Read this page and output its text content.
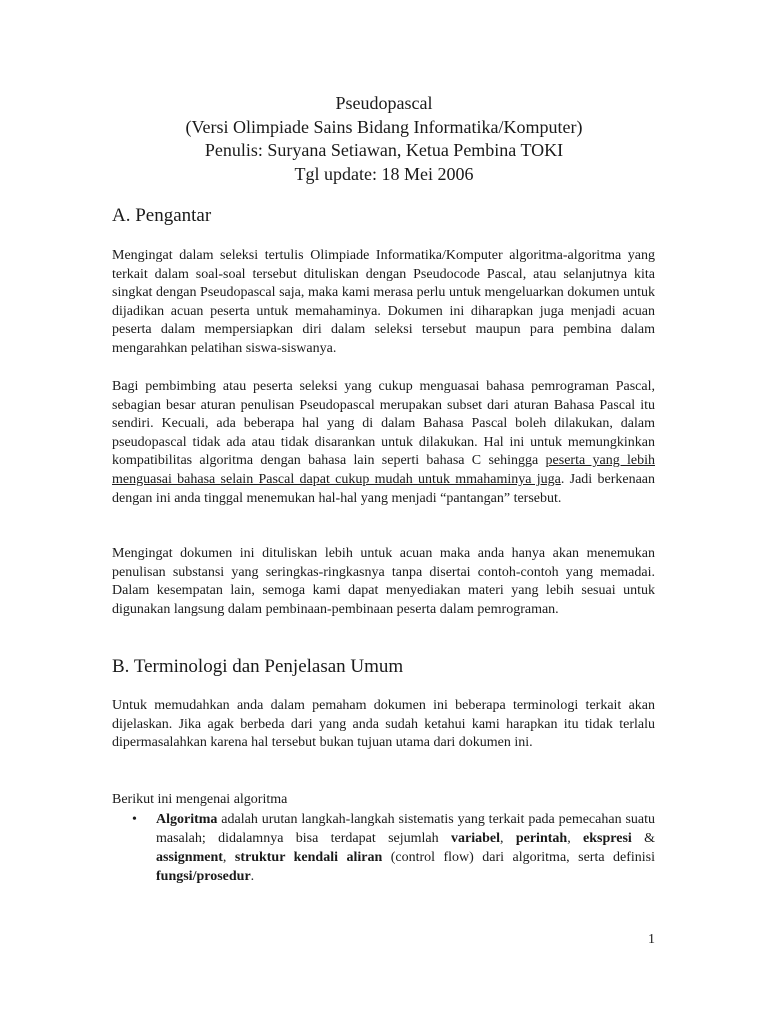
Pseudopascal
(Versi Olimpiade Sains Bidang Informatika/Komputer)
Penulis: Suryana Setiawan, Ketua Pembina TOKI
Tgl update: 18 Mei 2006
A. Pengantar
Mengingat dalam seleksi tertulis Olimpiade Informatika/Komputer algoritma-algoritma yang terkait dalam soal-soal tersebut dituliskan dengan Pseudocode Pascal, atau selanjutnya kita singkat dengan Pseudopascal saja, maka kami merasa perlu untuk mengeluarkan dokumen untuk dijadikan acuan peserta untuk memahaminya. Dokumen ini diharapkan juga menjadi acuan peserta dalam mempersiapkan diri dalam seleksi tersebut maupun para pembina dalam mengarahkan pelatihan siswa-siswanya.
Bagi pembimbing atau peserta seleksi yang cukup menguasai bahasa pemrograman Pascal, sebagian besar aturan penulisan Pseudopascal merupakan subset dari aturan Bahasa Pascal itu sendiri. Kecuali, ada beberapa hal yang di dalam Bahasa Pascal boleh dilakukan, dalam pseudopascal tidak ada atau tidak disarankan untuk dilakukan. Hal ini untuk memungkinkan kompatibilitas algoritma dengan bahasa lain seperti bahasa C sehingga peserta yang lebih menguasai bahasa selain Pascal dapat cukup mudah untuk mmahaminya juga. Jadi berkenaan dengan ini anda tinggal menemukan hal-hal yang menjadi “pantangan” tersebut.
Mengingat dokumen ini dituliskan lebih untuk acuan maka anda hanya akan menemukan penulisan substansi yang seringkas-ringkasnya tanpa disertai contoh-contoh yang memadai. Dalam kesempatan lain, semoga kami dapat menyediakan materi yang lebih sesuai untuk digunakan langsung dalam pembinaan-pembinaan peserta dalam pemrograman.
B. Terminologi dan Penjelasan Umum
Untuk memudahkan anda dalam pemaham dokumen ini beberapa terminologi terkait akan dijelaskan. Jika agak berbeda dari yang anda sudah ketahui kami harapkan itu tidak terlalu dipermasalahkan karena hal tersebut bukan tujuan utama dari dokumen ini.
Berikut ini mengenai algoritma
• Algoritma adalah urutan langkah-langkah sistematis yang terkait pada pemecahan suatu masalah; didalamnya bisa terdapat sejumlah variabel, perintah, ekspresi & assignment, struktur kendali aliran (control flow) dari algoritma, serta definisi fungsi/prosedur.
1
